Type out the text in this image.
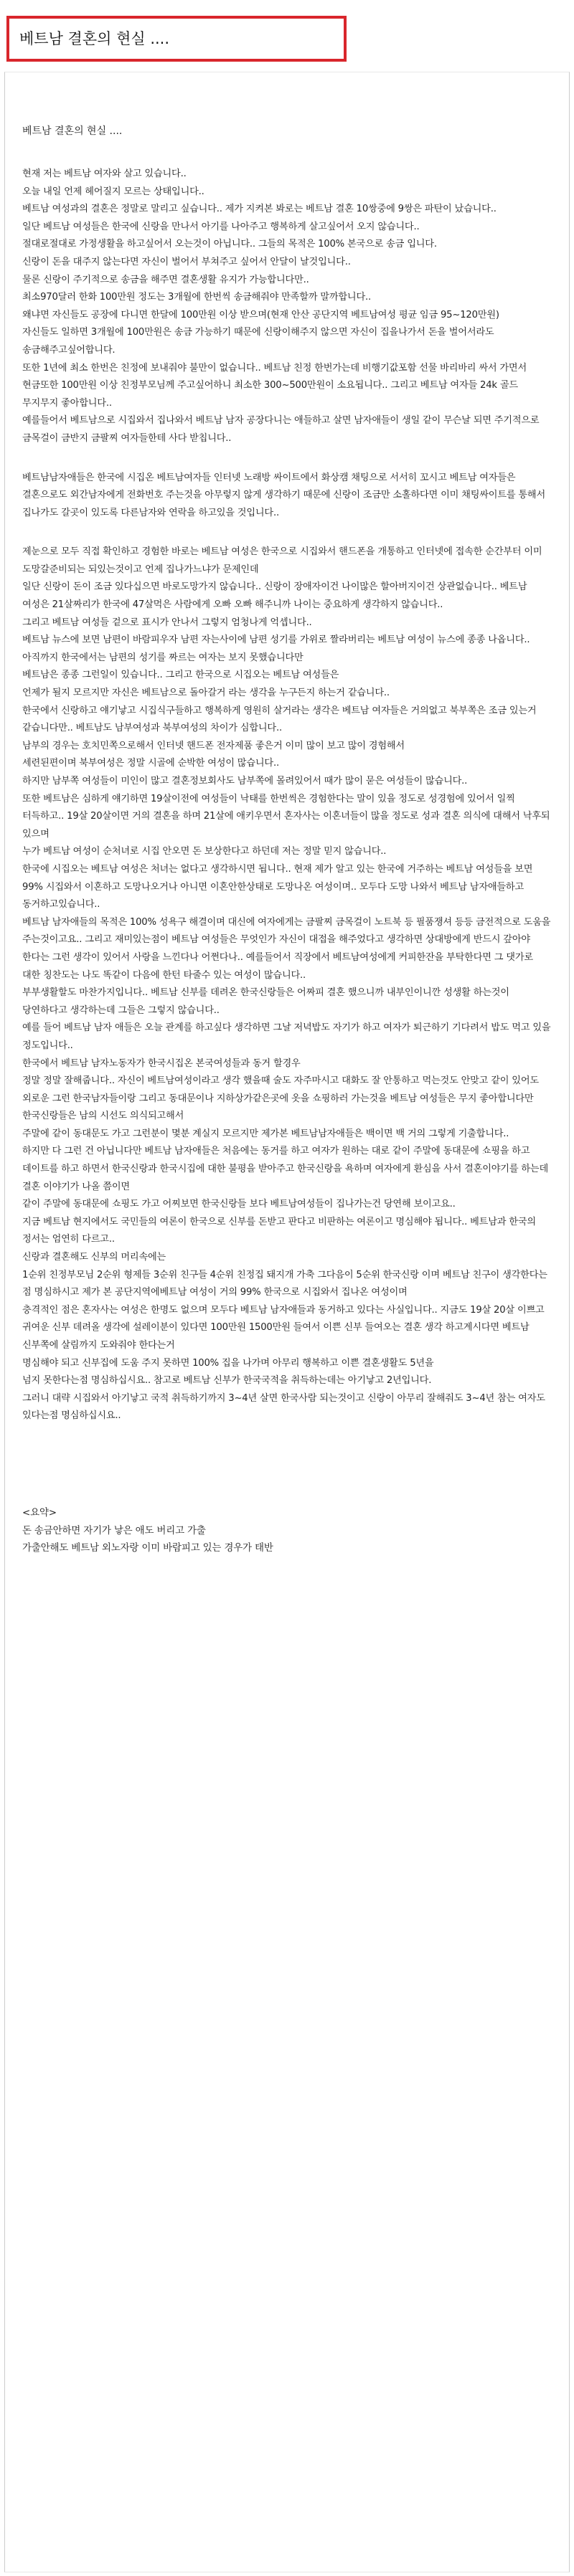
베트남 결혼의 현실 ....

베트남 결혼의 현실 ....

현재 저는 베트남 여자와 살고 있습니다..

오늘 내일 언제 헤어질지 모르는 상태입니다..

베트남 여성과의 결혼은 정말로 말리고 싶습니다.. 제가 지켜본 봐로는 베트남 결혼 10쌍중에 9쌍은 파탄이 났습니다..

일단 베트남 여성들은 한국에 신랑을 만나서 아기를 나아주고 행복하게 살고싶어서 오지 않습니다..

절대로절대로 가정생활을 하고싶어서 오는것이 아닙니다.. 그들의 목적은 100% 본국으로 송금 입니다.

신랑이 돈을 대주지 않는다면 자신이 벌어서 부쳐주고 싶어서 안달이 날것입니다..

물론 신랑이 주기적으로 송금을 해주면 결혼생활 유지가 가능합니다만..

최소970달러 한화 100만원 정도는 3개월에 한번씩 송금해줘야 만족할까 말까합니다..

왜냐면 자신들도 공장에 다니면 한달에 100만원 이상 받으며(현재 안산 공단지역 베트남여성 평균 임금 95~120만원)

자신들도 일하면 3개월에 100만원은 송금 가능하기 때문에 신랑이해주지 않으면 자신이 집을나가서 돈을 벌어서라도 송금해주고싶어합니다.

또한 1년에 최소 한번은 친정에 보내줘야 불만이 없습니다.. 베트남 친정 한번가는데 비행기값포함 선물 바리바리 싸서 가면서 현금또한 100만원 이상 친정부모님께 주고싶어하니 최소한 300~500만원이 소요됩니다.. 그리고 베트남 여자들 24k 골드 무지무지 좋아합니다..

예를들어서 베트남으로 시집와서 집나와서 베트남 남자 공장다니는 애들하고 살면 남자애들이 생일 같이 무슨날 되면 주기적으로 금목걸이 금반지 금팔찌 여자들한테 사다 받칩니다..

베트남남자애들은 한국에 시집온 베트남여자들 인터넷 노래방 싸이트에서 화상캠 채팅으로 서서히 꼬시고 베트남 여자들은 결혼으로도 외간남자에게 전화번호 주는것을 아무렇지 않게 생각하기 때문에 신랑이 조금만 소홀하다면 이미 채팅싸이트를 통해서 집나가도 갈곳이 있도록 다른남자와 연락을 하고있을 것입니다..

제눈으로 모두 직접 확인하고 경험한 바로는 베트남 여성은 한국으로 시집와서 핸드폰을 개통하고 인터넷에 접속한 순간부터 이미 도망갈준비되는 되있는것이고 언제 집나가느냐가 문제인데

일단 신랑이 돈이 조금 있다십으면 바로도망가지 않습니다.. 신랑이 장애자이건 나이많은 할아버지이건 상관없습니다.. 베트남 여성은 21살짜리가 한국에 47살먹은 사람에게 오빠 오빠 해주니까 나이는 중요하게 생각하지 않습니다..

그리고 베트남 여성들 겉으로 표시가 안나서 그렇지 엄청나게 억셉니다..

베트남 뉴스에 보면 남편이 바람피우자 남편 자는사이에 남편 성기를 가위로 짤라버리는 베트남 여성이 뉴스에 종종 나옵니다..

아직까지 한국에서는 남편의 성기를 짜르는 여자는 보지 못했습니다만

베트남은 종종 그런일이 있습니다.. 그리고 한국으로 시집오는 베트남 여성들은

언제가 될지 모르지만 자신은 베트남으로 돌아갈거 라는 생각을 누구든지 하는거 같습니다..

한국에서 신랑하고 얘기낳고 시집식구들하고 행복하게 영원히 살거라는 생각은 베트남 여자들은 거의없고 북부쪽은 조금 있는거 같습니다만.. 베트남도 남부여성과 북부여성의 차이가 심합니다..

남부의 경우는 호치민쪽으로해서 인터넷 핸드폰 전자제품 좋은거 이미 많이 보고 많이 경험해서

세련된편이며 북부여성은 정말 시골에 순박한 여성이 많습니다..

하지만 남부쪽 여성들이 미인이 많고 결혼정보회사도 남부쪽에 몰려있어서 때가 많이 묻은 여성들이 많습니다..

또한 베트남은 심하게 얘기하면 19살이전에 여성들이 낙태를 한번씩은 경험한다는 말이 있을 정도로 성경험에 있어서 일찍 터득하고.. 19살 20살이면 거의 결혼을 하며 21살에 애키우면서 혼자사는 이혼녀들이 많을 정도로 성과 결혼 의식에 대해서 낙후되 있으며

누가 베트남 여성이 순처녀로 시집 안오면 돈 보상한다고 하던데 저는 정말 믿지 않습니다..

한국에 시집오는 베트남 여성은 처녀는 없다고 생각하시면 됩니다.. 현재 제가 알고 있는 한국에 거주하는 베트남 여성들을 보면 99% 시집와서 이혼하고 도망나오거나 아니면 이혼안한상태로 도망나온 여성이며.. 모두다 도망 나와서 베트남 남자애들하고 동거하고있습니다..

베트남 남자애들의 목적은 100% 성욕구 해결이며 대신에 여자에게는 금팔찌 금목걸이 노트북 등 필품쟁셔 등등 금전적으로 도움을 주는것이고요.. 그리고 재미있는점이 베트남 여성들은 무엇인가 자신이 대접을 해주었다고 생각하면 상대방에게 반드시 갚아야 한다는 그런 생각이 있어서 사랑을 느낀다나 어쩐다나.. 예를들어서 직장에서 베트남여성에게 커피한잔을 부탁한다면 그 댓가로 대한 칭찬도는 나도 똑같이 다음에 한턴 타줄수 있는 여성이 많습니다..

부부생활할도 마찬가지입니다.. 베트남 신부를 데려온 한국신랑들은 어짜피 결혼 했으니까 내부인이니깐 성생활 하는것이 당연하다고 생각하는데 그들은 그렇지 않습니다..

예를 들어 베트남 남자 애들은 오늘 관계를 하고싶다 생각하면 그날 저녁밥도 자기가 하고 여자가 퇴근하기 기다려서 밥도 먹고 있을 정도입니다..

한국에서 베트남 남자노동자가 한국시집온 본국여성들과 동거 할경우

정말 정말 잘해줍니다.. 자신이 베트남여성이라고 생각 했을때 술도 자주마시고 대화도 잘 안통하고 먹는것도 안맞고 같이 있어도 외로운 그런 한국남자들이랑 그리고 동대문이나 지하상가같은곳에 옷을 쇼핑하러 가는것을 베트남 여성들은 무지 좋아합니다만 한국신랑들은 남의 시선도 의식되고해서

주말에 같이 동대문도 가고 그런분이 몇분 계실지 모르지만 제가본 베트남남자애들은 백이면 백 거의 그렇게 기출합니다..

하지만 다 그런 건 아닙니다만 베트남 남자애들은 처음에는 동거를 하고 여자가 원하는 대로 같이 주말에 동대문에 쇼핑을 하고 데이트를 하고 하면서 한국신랑과 한국시집에 대한 불평을 받아주고 한국신랑을 욕하며 여자에게 환심을 사서 결혼이야기를 하는데 결혼 이야기가 나올 쯤이면

같이 주말에 동대문에 쇼핑도 가고 어찌보면 한국신랑들 보다 베트남여성들이 집나가는건 당연해 보이고요..

지금 베트남 현지에서도 국민들의 여론이 한국으로 신부를 돈받고 판다고 비판하는 여론이고 명심해야 됩니다.. 베트남과 한국의 정서는 엄연히 다르고..

신랑과 결혼해도 신부의 머리속에는

1순위 친정부모님 2순위 형제들 3순위 친구들 4순위 친정집 돼지개 가축 그다음이 5순위 한국신랑 이며 베트남 친구이 생각한다는 점 명심하시고 제가 본 공단지역에베트남 여성이 거의 99% 한국으로 시집와서 집나온 여성이며

충격적인 점은 혼자사는 여성은 한명도 없으며 모두다 베트남 남자애들과 동거하고 있다는 사실입니다.. 지금도 19살 20살 이쁘고 귀여운 신부 데려올 생각에 설레이분이 있다면 100만원 1500만원 들여서 이쁜 신부 들여오는 결혼 생각 하고계시다면 베트남 신부쪽에 살림까지 도와줘야 한다는거

명심해야 되고 신부집에 도움 주지 못하면 100% 집을 나가며 아무리 행복하고 이쁜 결혼생활도 5년을

넘지 못한다는점 명심하십시요.. 참고로 베트남 신부가 한국국적을 취득하는데는 아기낳고 2년입니다.

그러니 대략 시집와서 아기낳고 국적 취득하기까지 3~4년 살면 한국사람 되는것이고 신랑이 아무리 잘해줘도 3~4년 참는 여자도 있다는점 명심하십시요..

<요약>

돈 송금안하면 자기가 낳은 애도 버리고 가출

가출안해도 베트남 외노자랑 이미 바람피고 있는 경우가 태반
